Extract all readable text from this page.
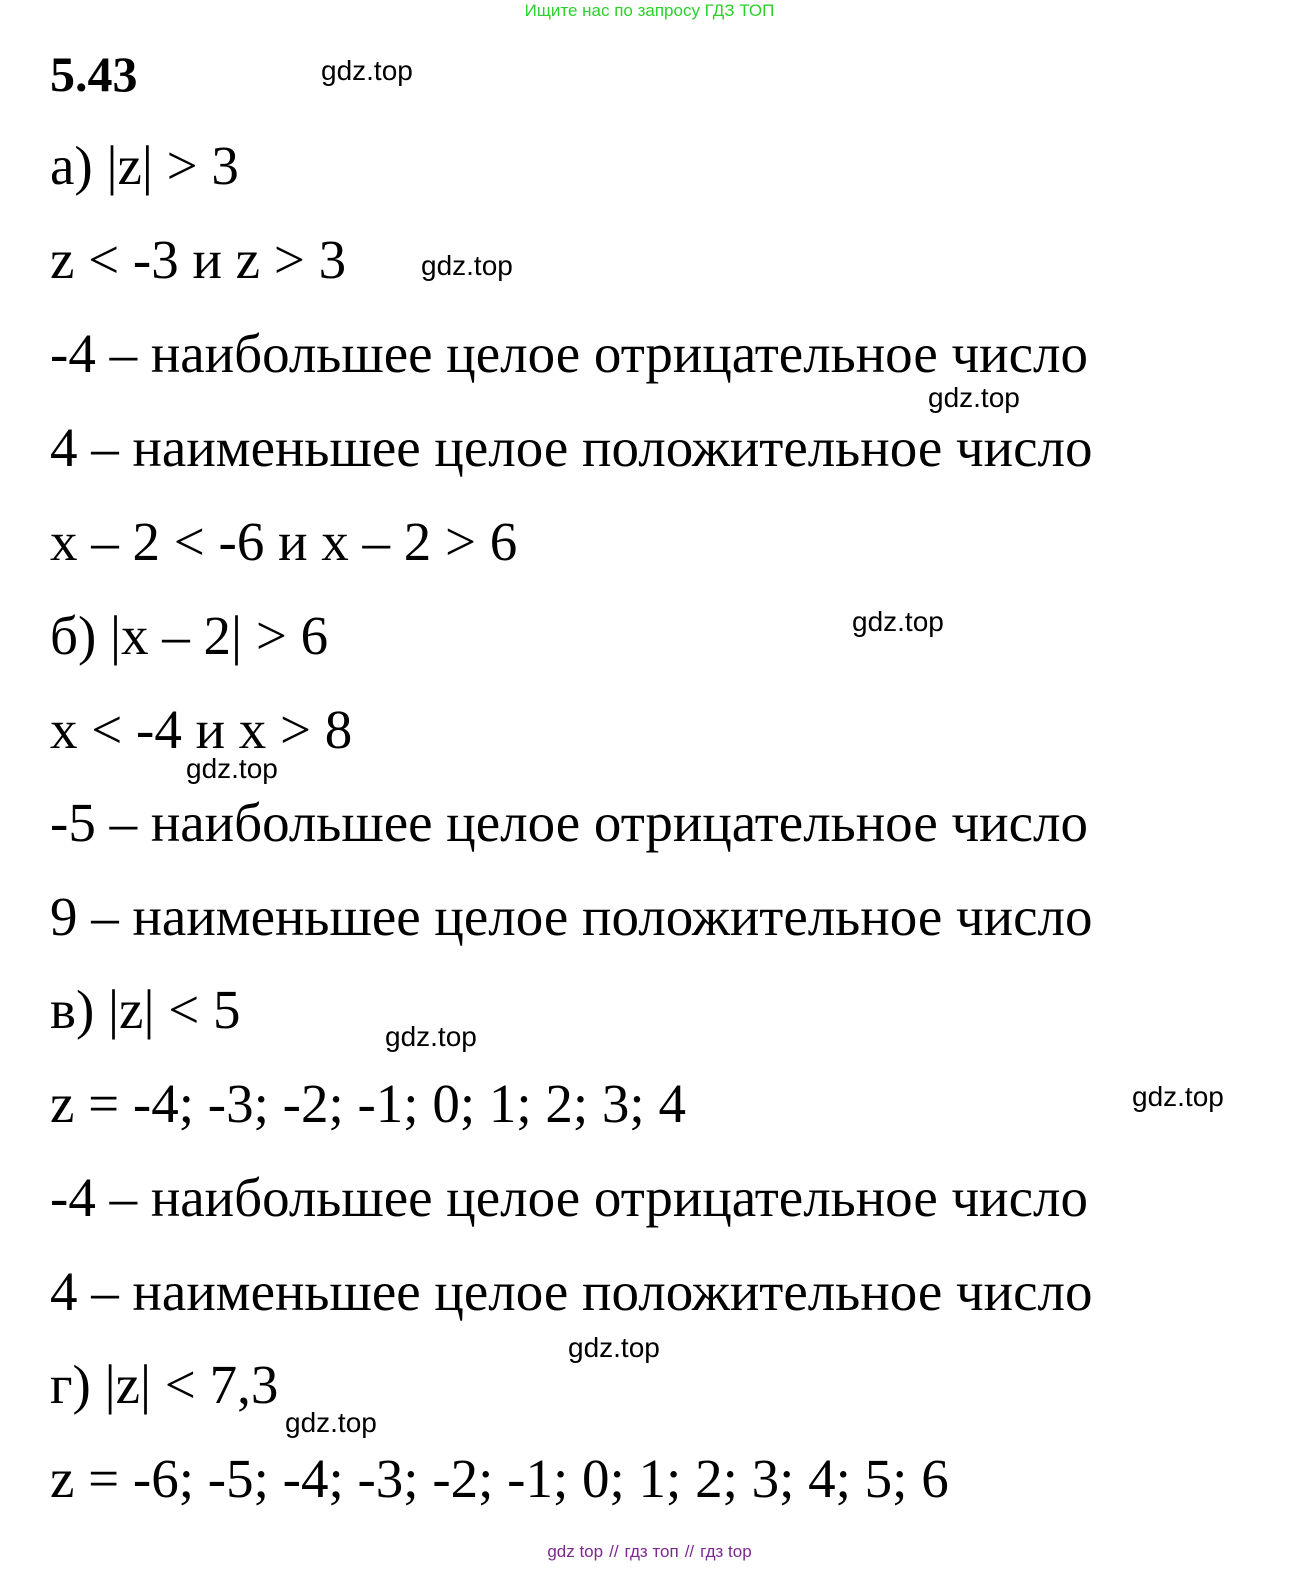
Ищите нас по запросу ГДЗ ТОП
5.43	gdz.top
а) |z| > 3
z < -3 и z > 3	gdz.top
-4 – наибольшее целое отрицательное число
gdz.top
4 – наименьшее целое положительное число
x – 2 < -6 и x – 2 > 6
б) |x – 2| > 6	gdz.top
x < -4 и x > 8
gdz.top
-5 – наибольшее целое отрицательное число
9 – наименьшее целое положительное число
в) |z| < 5	gdz.top
z = -4; -3; -2; -1; 0; 1; 2; 3; 4	gdz.top
-4 – наибольшее целое отрицательное число
4 – наименьшее целое положительное число
gdz.top
г) |z| < 7,3
gdz.top
z = -6; -5; -4; -3; -2; -1; 0; 1; 2; 3; 4; 5; 6
gdz top // гдз топ // гдз top
